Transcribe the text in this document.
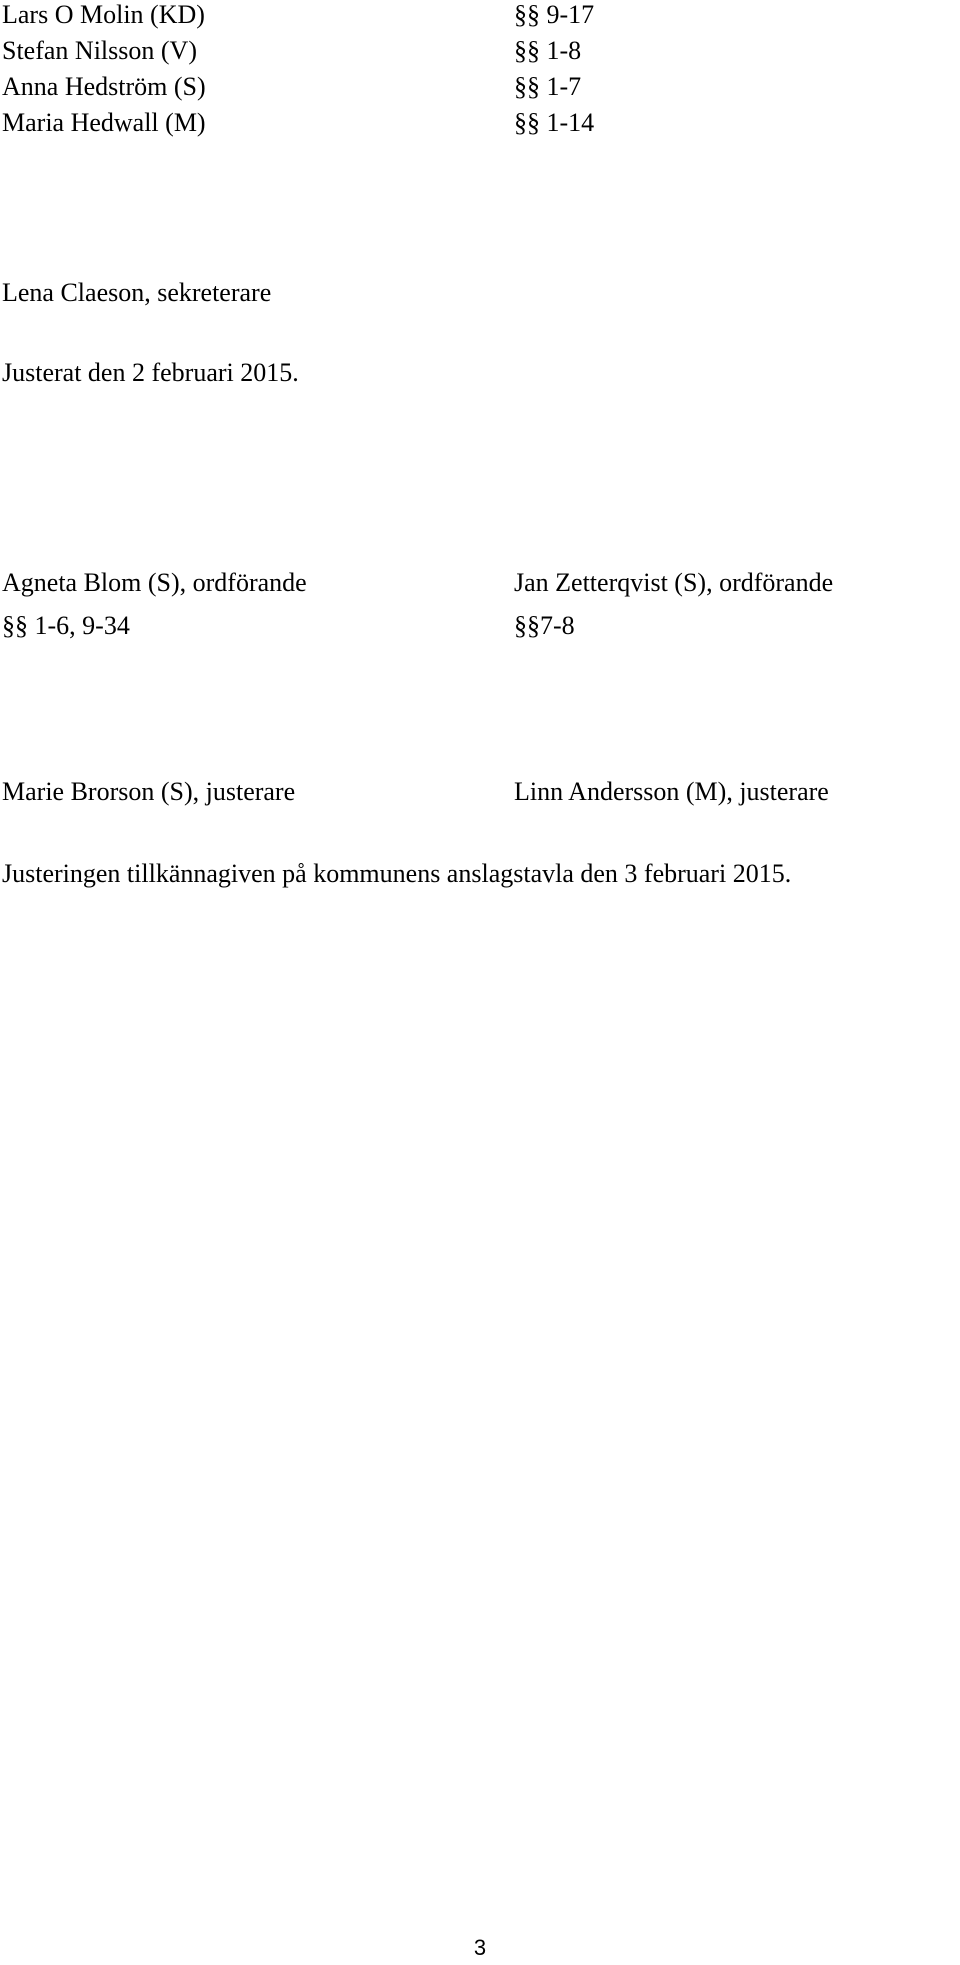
Lars O Molin (KD)	§§ 9-17
Stefan Nilsson (V)	§§ 1-8
Anna Hedström (S)	§§ 1-7
Maria Hedwall (M)	§§ 1-14
Lena Claeson, sekreterare
Justerat den 2 februari 2015.
Agneta Blom (S), ordförande	Jan Zetterqvist (S), ordförande
§§ 1-6, 9-34	§§7-8
Marie Brorson (S), justerare	Linn Andersson (M), justerare
Justeringen tillkännagiven på kommunens anslagstavla den 3 februari 2015.
3
